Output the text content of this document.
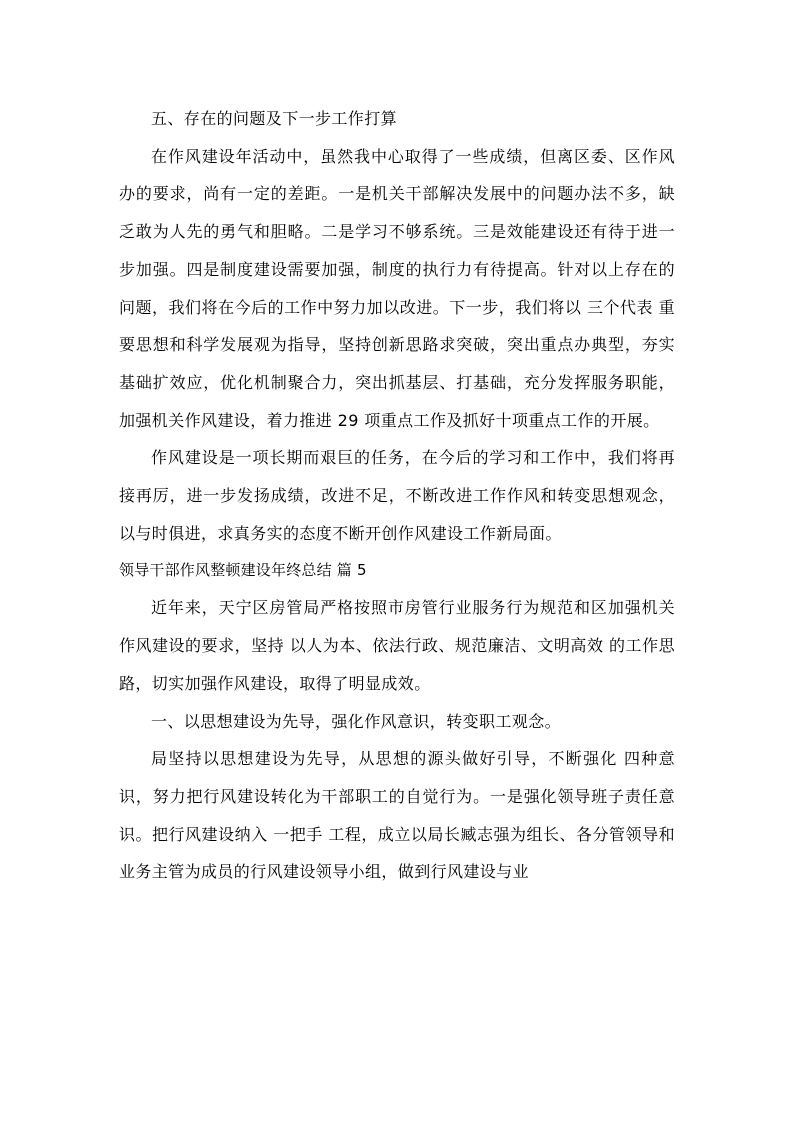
五、存在的问题及下一步工作打算

在作风建设年活动中，虽然我中心取得了一些成绩，但离区委、区作风办的要求，尚有一定的差距。一是机关干部解决发展中的问题办法不多，缺乏敢为人先的勇气和胆略。二是学习不够系统。三是效能建设还有待于进一步加强。四是制度建设需要加强，制度的执行力有待提高。针对以上存在的问题，我们将在今后的工作中努力加以改进。下一步，我们将以 三个代表 重要思想和科学发展观为指导，坚持创新思路求突破，突出重点办典型，夯实基础扩效应，优化机制聚合力，突出抓基层、打基础，充分发挥服务职能，加强机关作风建设，着力推进 29 项重点工作及抓好十项重点工作的开展。

作风建设是一项长期而艰巨的任务，在今后的学习和工作中，我们将再接再厉，进一步发扬成绩，改进不足，不断改进工作作风和转变思想观念，以与时俱进，求真务实的态度不断开创作风建设工作新局面。

领导干部作风整顿建设年终总结 篇 5

近年来，天宁区房管局严格按照市房管行业服务行为规范和区加强机关作风建设的要求，坚持 以人为本、依法行政、规范廉洁、文明高效 的工作思路，切实加强作风建设，取得了明显成效。

一、以思想建设为先导，强化作风意识，转变职工观念。

局坚持以思想建设为先导，从思想的源头做好引导，不断强化 四种意识，努力把行风建设转化为干部职工的自觉行为。一是强化领导班子责任意识。把行风建设纳入 一把手 工程，成立以局长臧志强为组长、各分管领导和业务主管为成员的行风建设领导小组，做到行风建设与业
